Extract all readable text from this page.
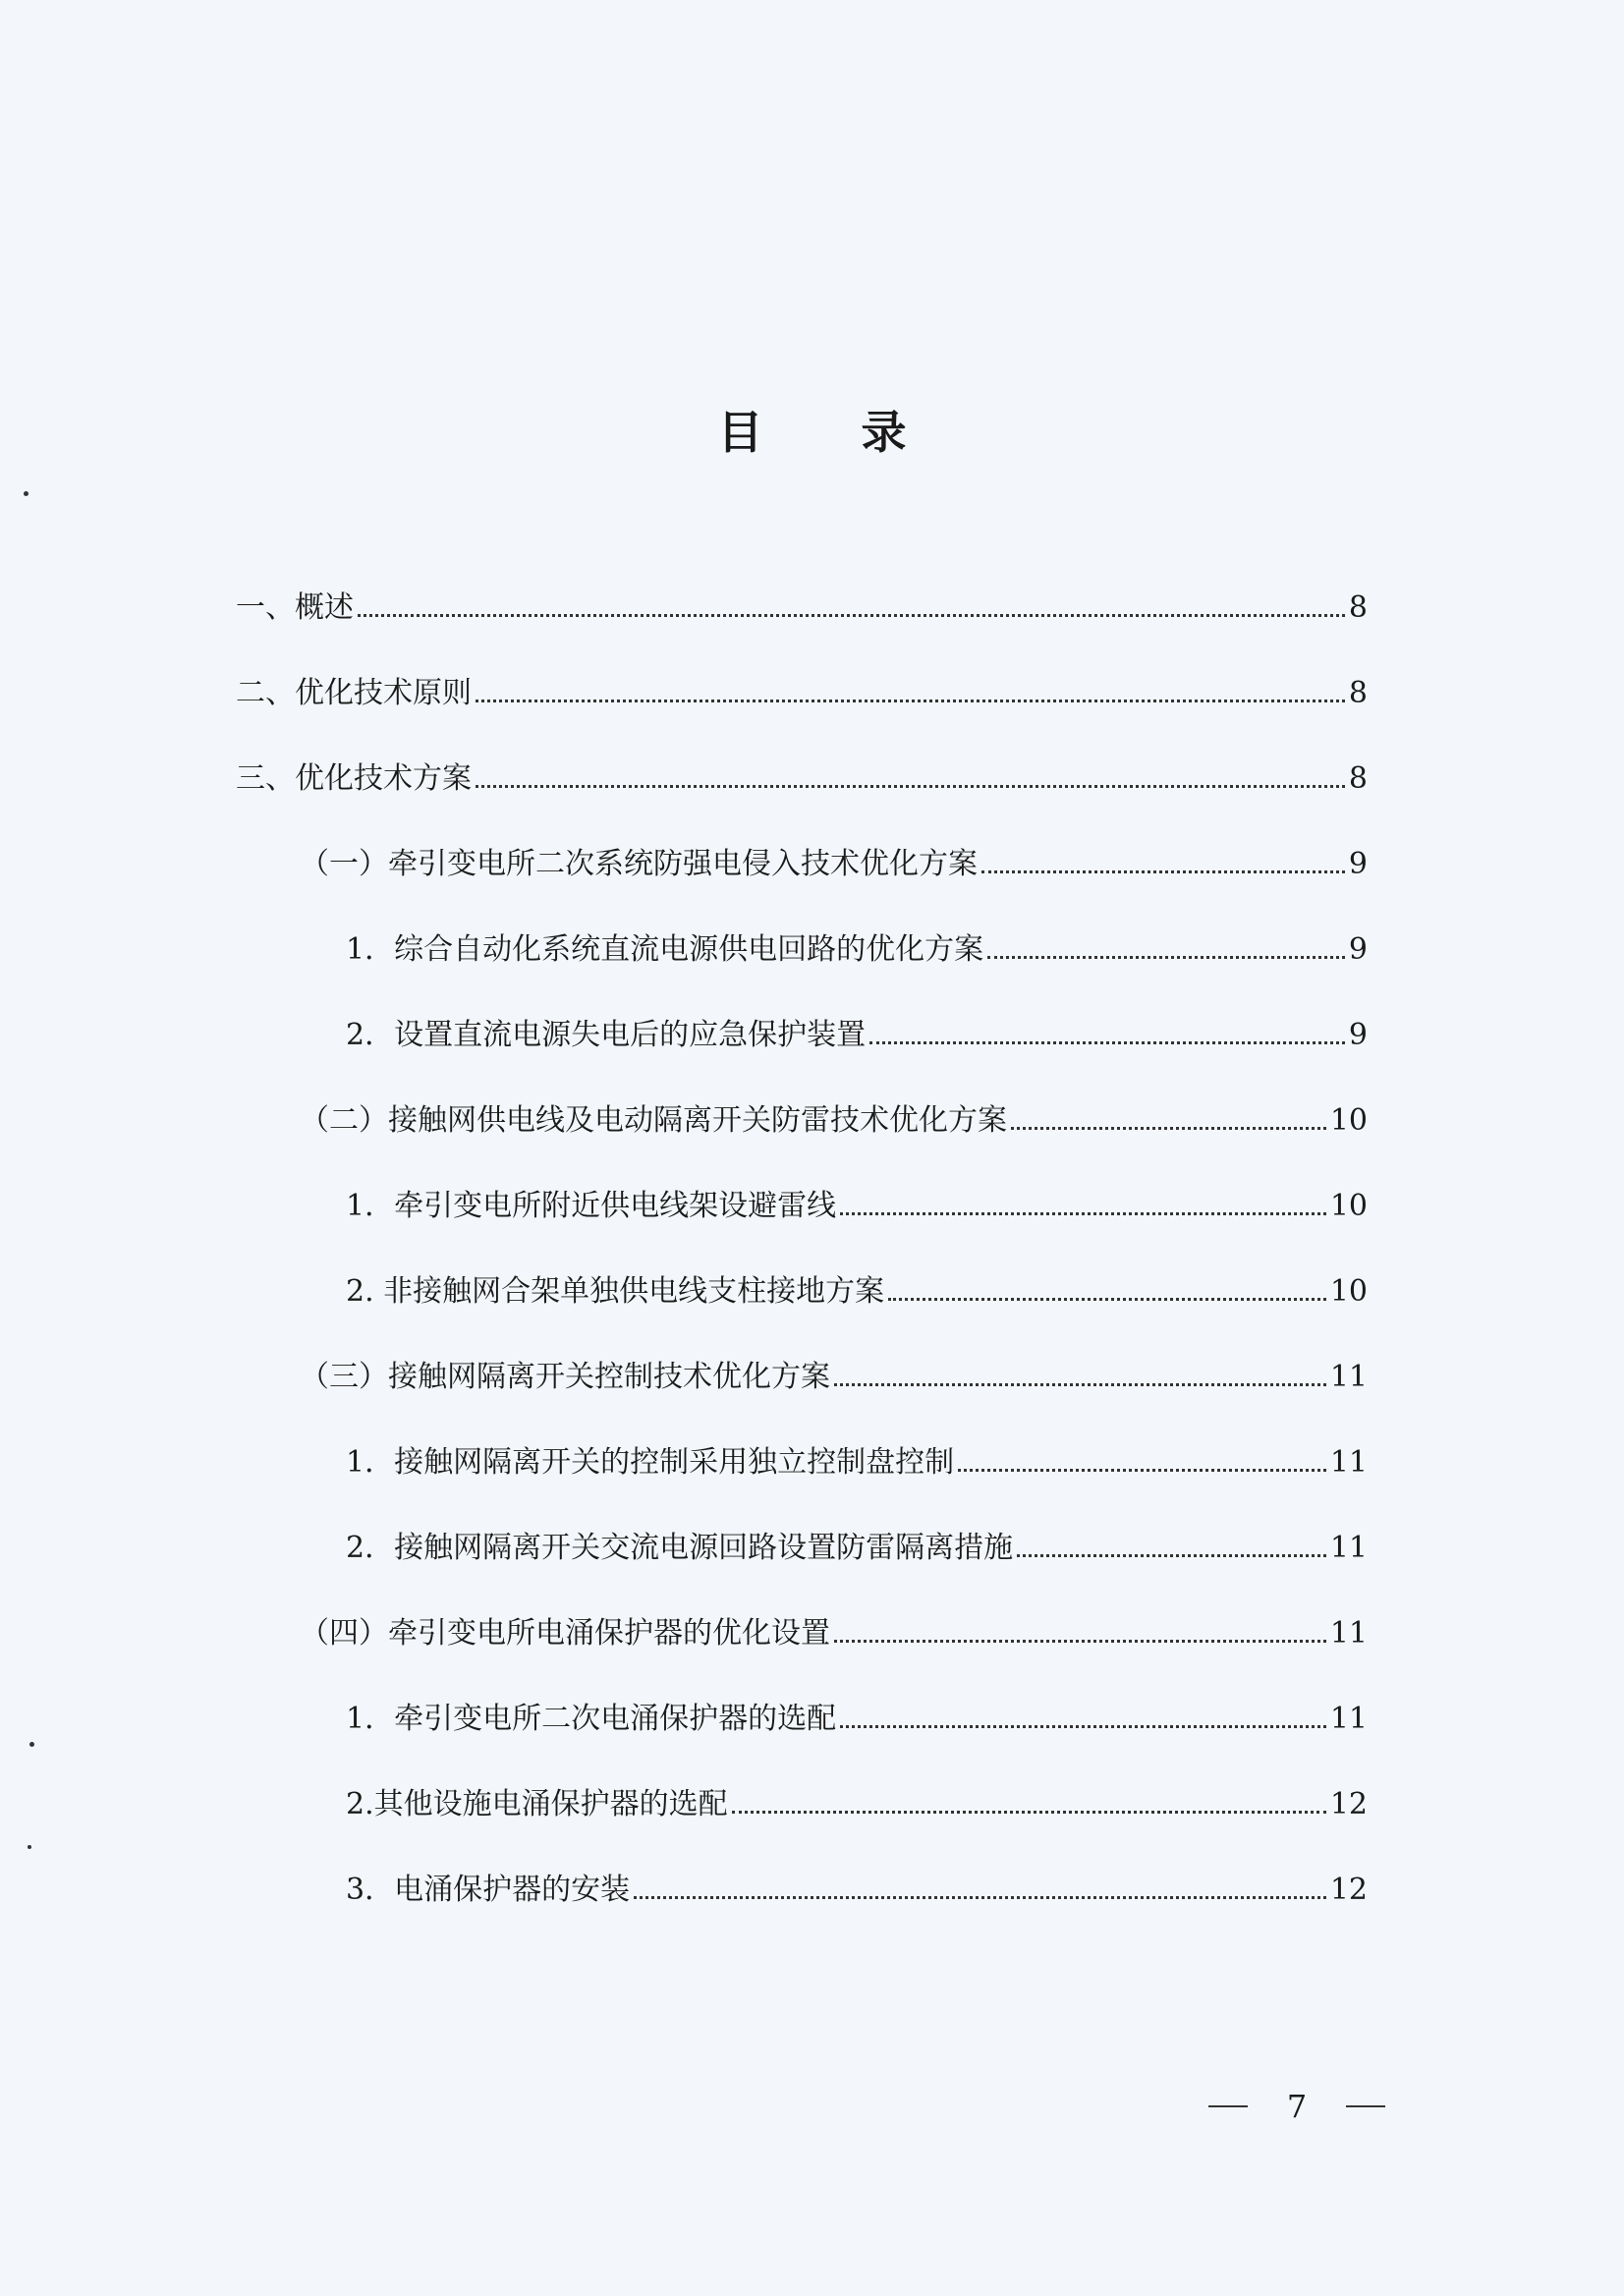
目 录
一、概述	8
二、优化技术原则	8
三、优化技术方案	8
（一）牵引变电所二次系统防强电侵入技术优化方案	9
1．综合自动化系统直流电源供电回路的优化方案	9
2．设置直流电源失电后的应急保护装置	9
（二）接触网供电线及电动隔离开关防雷技术优化方案	10
1．牵引变电所附近供电线架设避雷线	10
2. 非接触网合架单独供电线支柱接地方案	10
（三）接触网隔离开关控制技术优化方案	11
1．接触网隔离开关的控制采用独立控制盘控制	11
2．接触网隔离开关交流电源回路设置防雷隔离措施	11
（四）牵引变电所电涌保护器的优化设置	11
1．牵引变电所二次电涌保护器的选配	11
2.其他设施电涌保护器的选配	12
3．电涌保护器的安装	12
7
